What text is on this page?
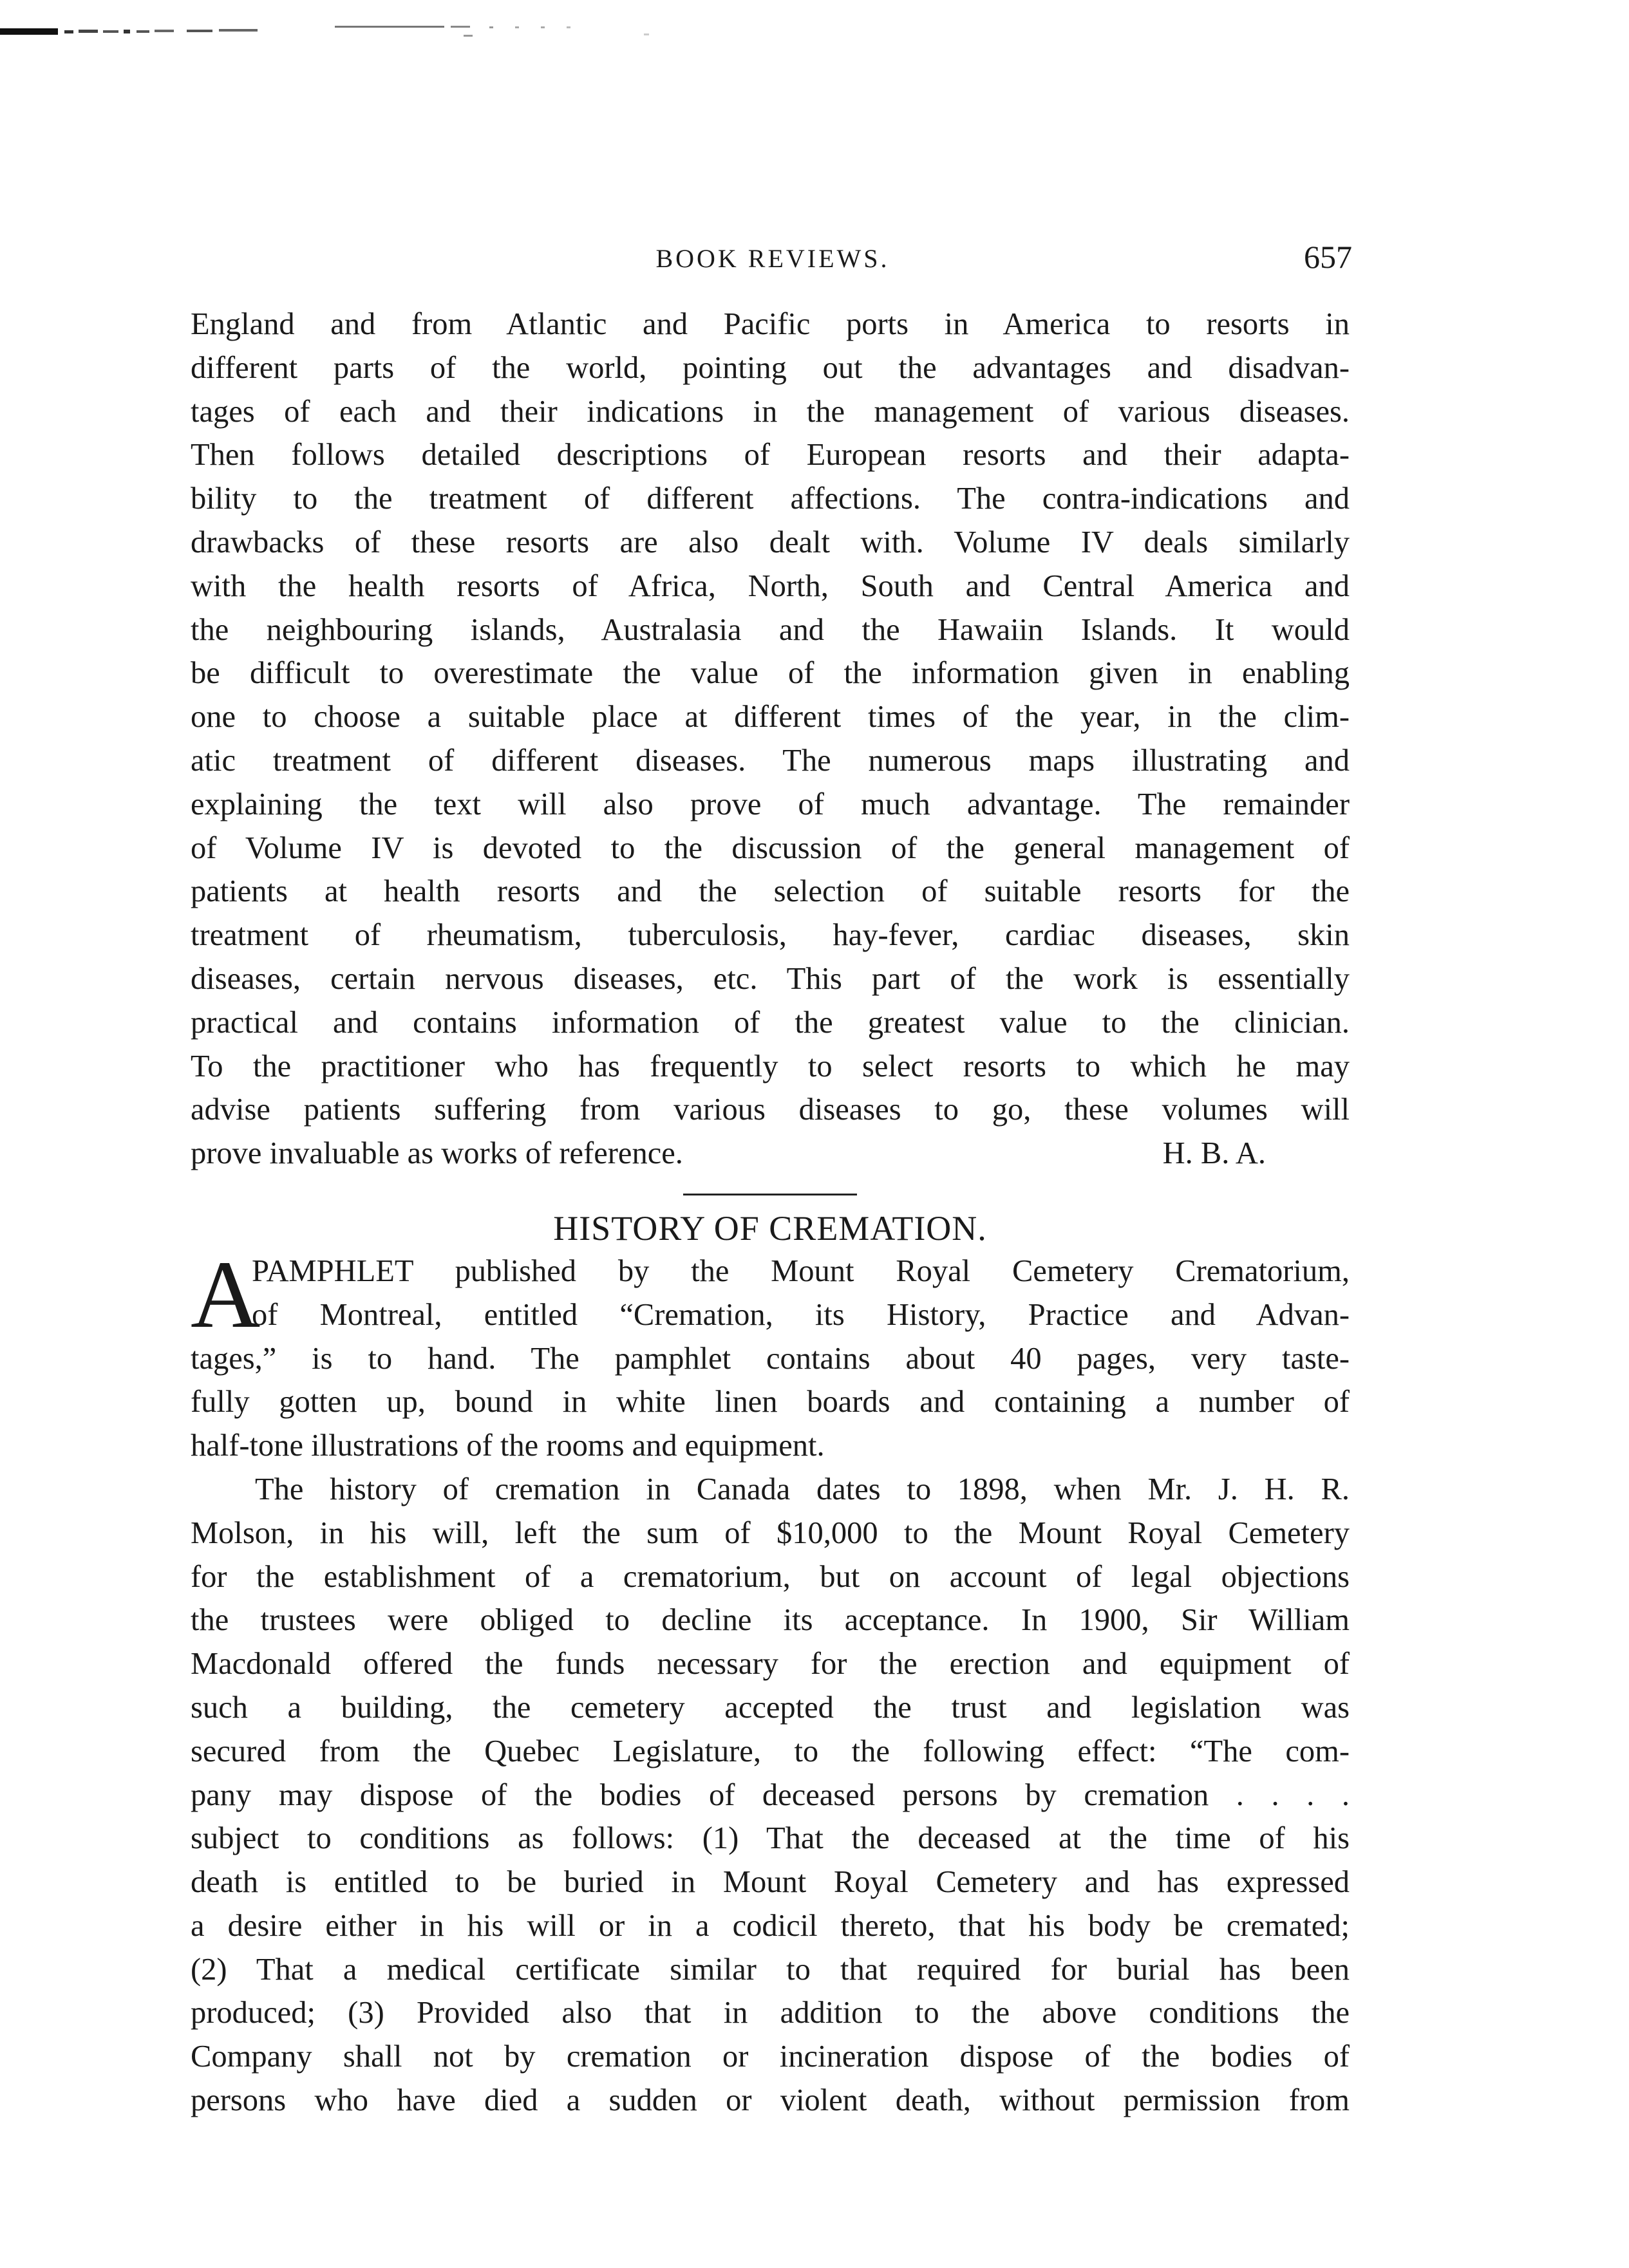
BOOK REVIEWS.	657
England and from Atlantic and Pacific ports in America to resorts in
different parts of the world, pointing out the advantages and disadvan-
tages of each and their indications in the management of various diseases.
Then follows detailed descriptions of European resorts and their adapta-
bility to the treatment of different affections. The contra-indications and
drawbacks of these resorts are also dealt with. Volume IV deals similarly
with the health resorts of Africa, North, South and Central America and
the neighbouring islands, Australasia and the Hawaiin Islands. It would
be difficult to overestimate the value of the information given in enabling
one to choose a suitable place at different times of the year, in the clim-
atic treatment of different diseases. The numerous maps illustrating and
explaining the text will also prove of much advantage. The remainder
of Volume IV is devoted to the discussion of the general management of
patients at health resorts and the selection of suitable resorts for the
treatment of rheumatism, tuberculosis, hay-fever, cardiac diseases, skin
diseases, certain nervous diseases, etc. This part of the work is essentially
practical and contains information of the greatest value to the clinician.
To the practitioner who has frequently to select resorts to which he may
advise patients suffering from various diseases to go, these volumes will
prove invaluable as works of reference.	H. B. A.
HISTORY OF CREMATION.
A
PAMPHLET published by the Mount Royal Cemetery Crematorium,
of Montreal, entitled “Cremation, its History, Practice and Advan-
tages,” is to hand. The pamphlet contains about 40 pages, very taste-
fully gotten up, bound in white linen boards and containing a number of
half-tone illustrations of the rooms and equipment.
The history of cremation in Canada dates to 1898, when Mr. J. H. R.
Molson, in his will, left the sum of $10,000 to the Mount Royal Cemetery
for the establishment of a crematorium, but on account of legal objections
the trustees were obliged to decline its acceptance. In 1900, Sir William
Macdonald offered the funds necessary for the erection and equipment of
such a building, the cemetery accepted the trust and legislation was
secured from the Quebec Legislature, to the following effect: “The com-
pany may dispose of the bodies of deceased persons by cremation . . . .
subject to conditions as follows: (1) That the deceased at the time of his
death is entitled to be buried in Mount Royal Cemetery and has expressed
a desire either in his will or in a codicil thereto, that his body be cremated;
(2) That a medical certificate similar to that required for burial has been
produced; (3) Provided also that in addition to the above conditions the
Company shall not by cremation or incineration dispose of the bodies of
persons who have died a sudden or violent death, without permission from
